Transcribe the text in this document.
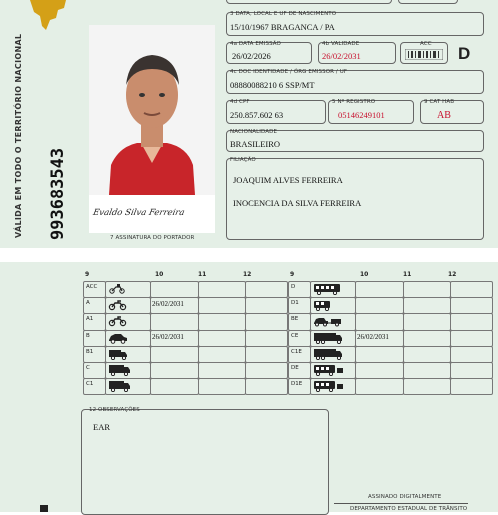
VÁLIDA EM TODO O TERRITÓRIO NACIONAL 993683543	Evaldo Silva Ferreira
7 ASSINATURA DO PORTADOR
3 DATA, LOCAL E UF DE NASCIMENTO
15/10/1967 BRAGANCA / PA
4a DATA EMISSÃO
26/02/2026
4b VALIDADE
26/02/2031
ACC D
4c DOC IDENTIDADE / ÓRG EMISSOR / UF
08880088210 6 SSP/MT
4d CPF
250.857.602 63
5 Nº REGISTRO
05146249101
9 CAT HAB
AB
NACIONALIDADE
BRASILEIRO
FILIAÇÃO
JOAQUIM ALVES FERREIRA
INOCENCIA DA SILVA FERREIRA
9	10	11	12
ACC
A	26/02/2031
A1
B	26/02/2031
B1
C
C1
9	10	11	12
D
D1
BE
CE	26/02/2031
C1E
DE
D1E
12 OBSERVAÇÕES
EAR
ASSINADO DIGITALMENTE
DEPARTAMENTO ESTADUAL DE TRÂNSITO
